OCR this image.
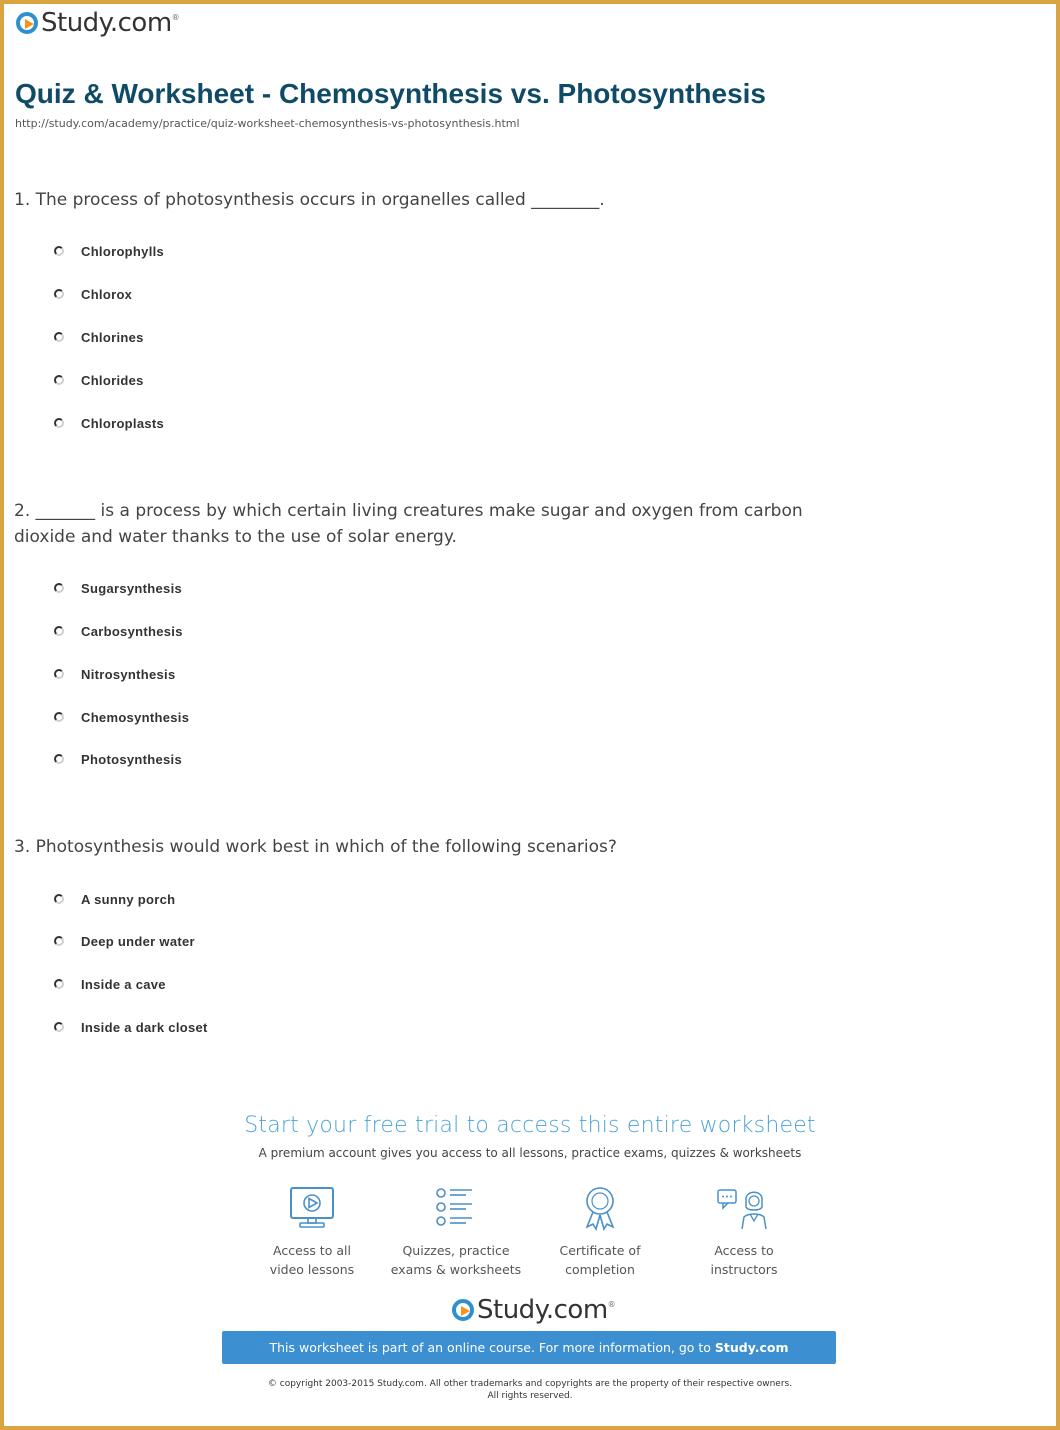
Study.com ®
Quiz & Worksheet - Chemosynthesis vs. Photosynthesis
http://study.com/academy/practice/quiz-worksheet-chemosynthesis-vs-photosynthesis.html

1. The process of photosynthesis occurs in organelles called ________.

Chlorophylls
Chlorox
Chlorines
Chlorides
Chloroplasts

2. _______ is a process by which certain living creatures make sugar and oxygen from carbon dioxide and water thanks to the use of solar energy.

Sugarsynthesis
Carbosynthesis
Nitrosynthesis
Chemosynthesis
Photosynthesis

3. Photosynthesis would work best in which of the following scenarios?

A sunny porch
Deep under water
Inside a cave
Inside a dark closet
Start your free trial to access this entire worksheet
A premium account gives you access to all lessons, practice exams, quizzes & worksheets
Access to all
video lessons
Quizzes, practice
exams & worksheets
Certificate of
completion
Access to
instructors
Study.com ®
This worksheet is part of an online course. For more information, go to Study.com
© copyright 2003-2015 Study.com. All other trademarks and copyrights are the property of their respective owners.
All rights reserved.
